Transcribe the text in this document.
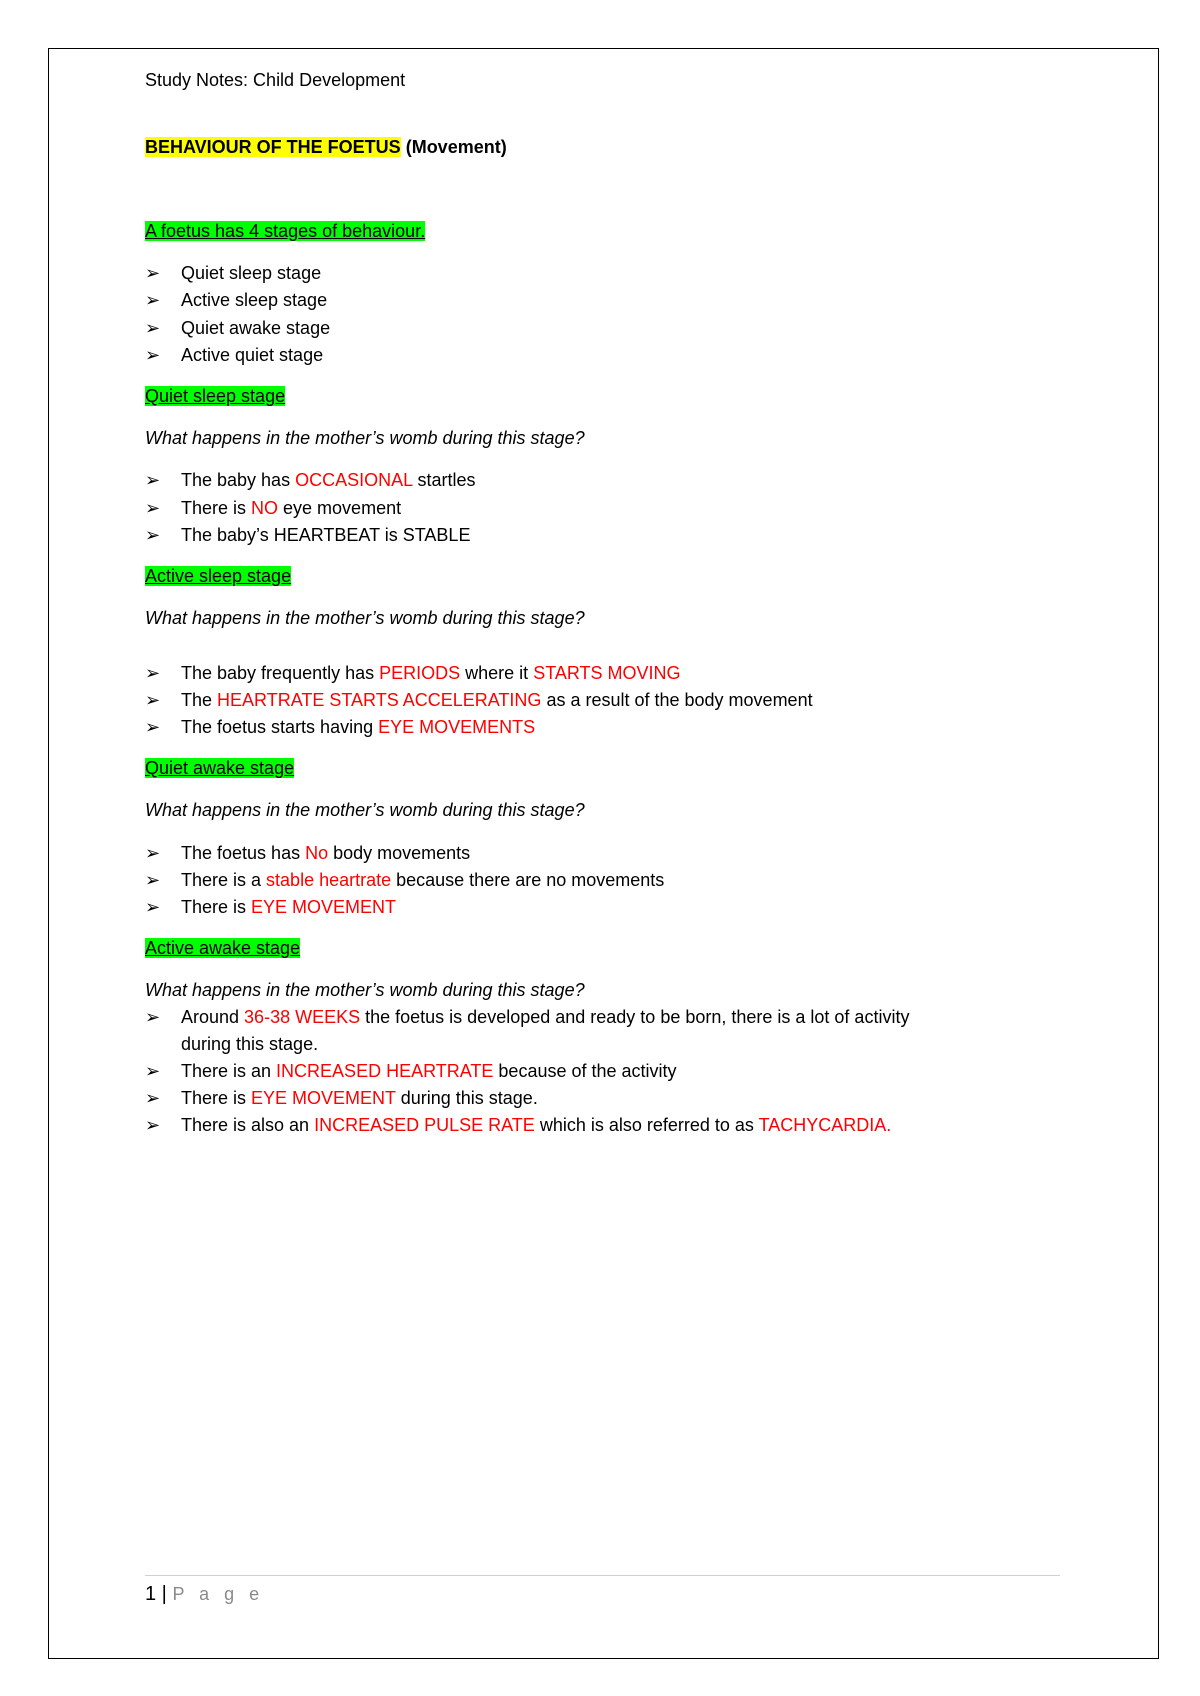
Study Notes: Child Development
BEHAVIOUR OF THE FOETUS (Movement)
A foetus has 4 stages of behaviour.
➢	Quiet sleep stage
➢	Active sleep stage
➢	Quiet awake stage
➢	Active quiet stage
Quiet sleep stage
What happens in the mother’s womb during this stage?
➢	The baby has OCCASIONAL startles
➢	There is NO eye movement
➢	The baby’s HEARTBEAT is STABLE
Active sleep stage
What happens in the mother’s womb during this stage?
➢	The baby frequently has PERIODS where it STARTS MOVING
➢	The HEARTRATE STARTS ACCELERATING as a result of the body movement
➢	The foetus starts having EYE MOVEMENTS
Quiet awake stage
What happens in the mother’s womb during this stage?
➢	The foetus has No body movements
➢	There is a stable heartrate because there are no movements
➢	There is EYE MOVEMENT
Active awake stage
What happens in the mother’s womb during this stage?
➢	Around 36-38 WEEKS the foetus is developed and ready to be born, there is a lot of activity
during this stage.
➢	There is an INCREASED HEARTRATE because of the activity
➢	There is EYE MOVEMENT during this stage.
➢	There is also an INCREASED PULSE RATE which is also referred to as TACHYCARDIA.
1 | P a g e
